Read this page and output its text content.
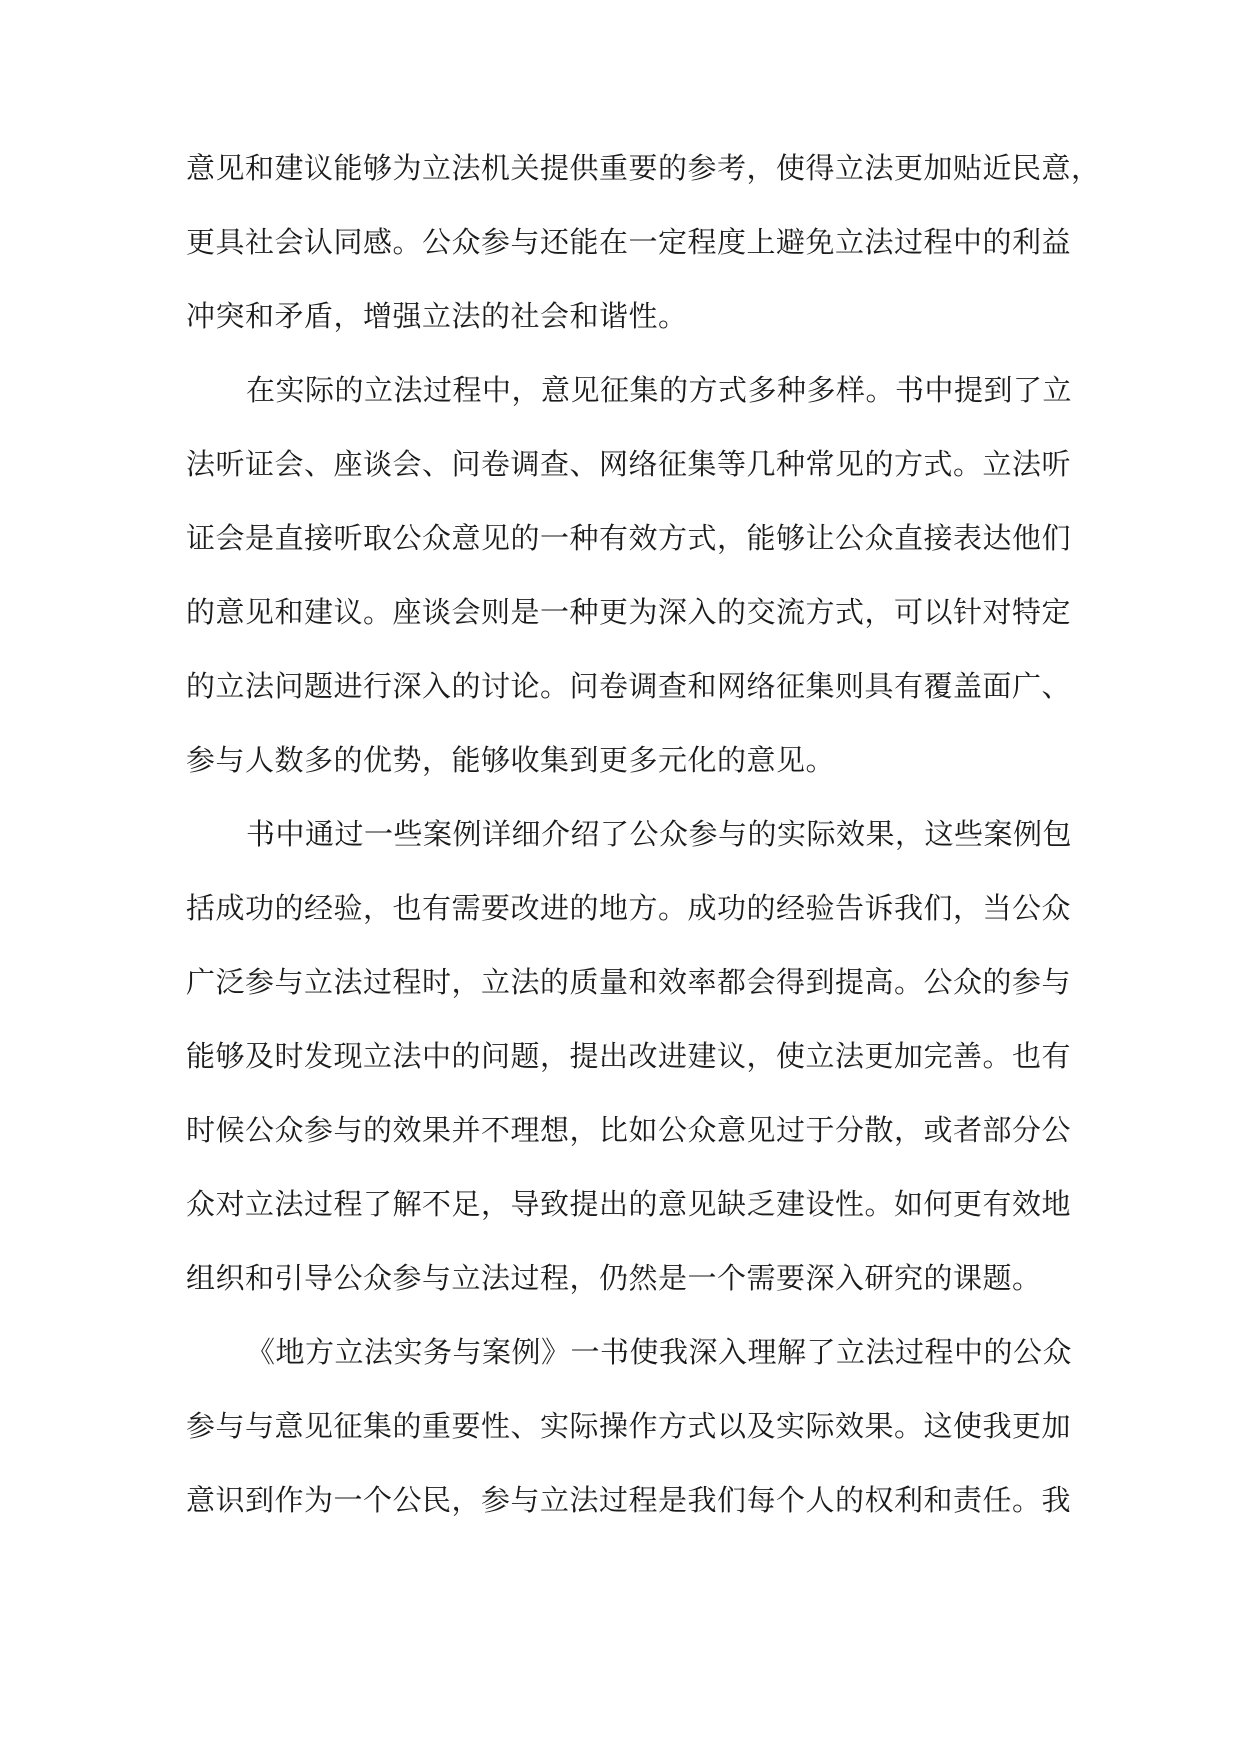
意见和建议能够为立法机关提供重要的参考，使得立法更加贴近民意，
更具社会认同感。公众参与还能在一定程度上避免立法过程中的利益
冲突和矛盾，增强立法的社会和谐性。
在实际的立法过程中，意见征集的方式多种多样。书中提到了立
法听证会、座谈会、问卷调查、网络征集等几种常见的方式。立法听
证会是直接听取公众意见的一种有效方式，能够让公众直接表达他们
的意见和建议。座谈会则是一种更为深入的交流方式，可以针对特定
的立法问题进行深入的讨论。问卷调查和网络征集则具有覆盖面广、
参与人数多的优势，能够收集到更多元化的意见。
书中通过一些案例详细介绍了公众参与的实际效果，这些案例包
括成功的经验，也有需要改进的地方。成功的经验告诉我们，当公众
广泛参与立法过程时，立法的质量和效率都会得到提高。公众的参与
能够及时发现立法中的问题，提出改进建议，使立法更加完善。也有
时候公众参与的效果并不理想，比如公众意见过于分散，或者部分公
众对立法过程了解不足，导致提出的意见缺乏建设性。如何更有效地
组织和引导公众参与立法过程，仍然是一个需要深入研究的课题。
《地方立法实务与案例》一书使我深入理解了立法过程中的公众
参与与意见征集的重要性、实际操作方式以及实际效果。这使我更加
意识到作为一个公民，参与立法过程是我们每个人的权利和责任。我
